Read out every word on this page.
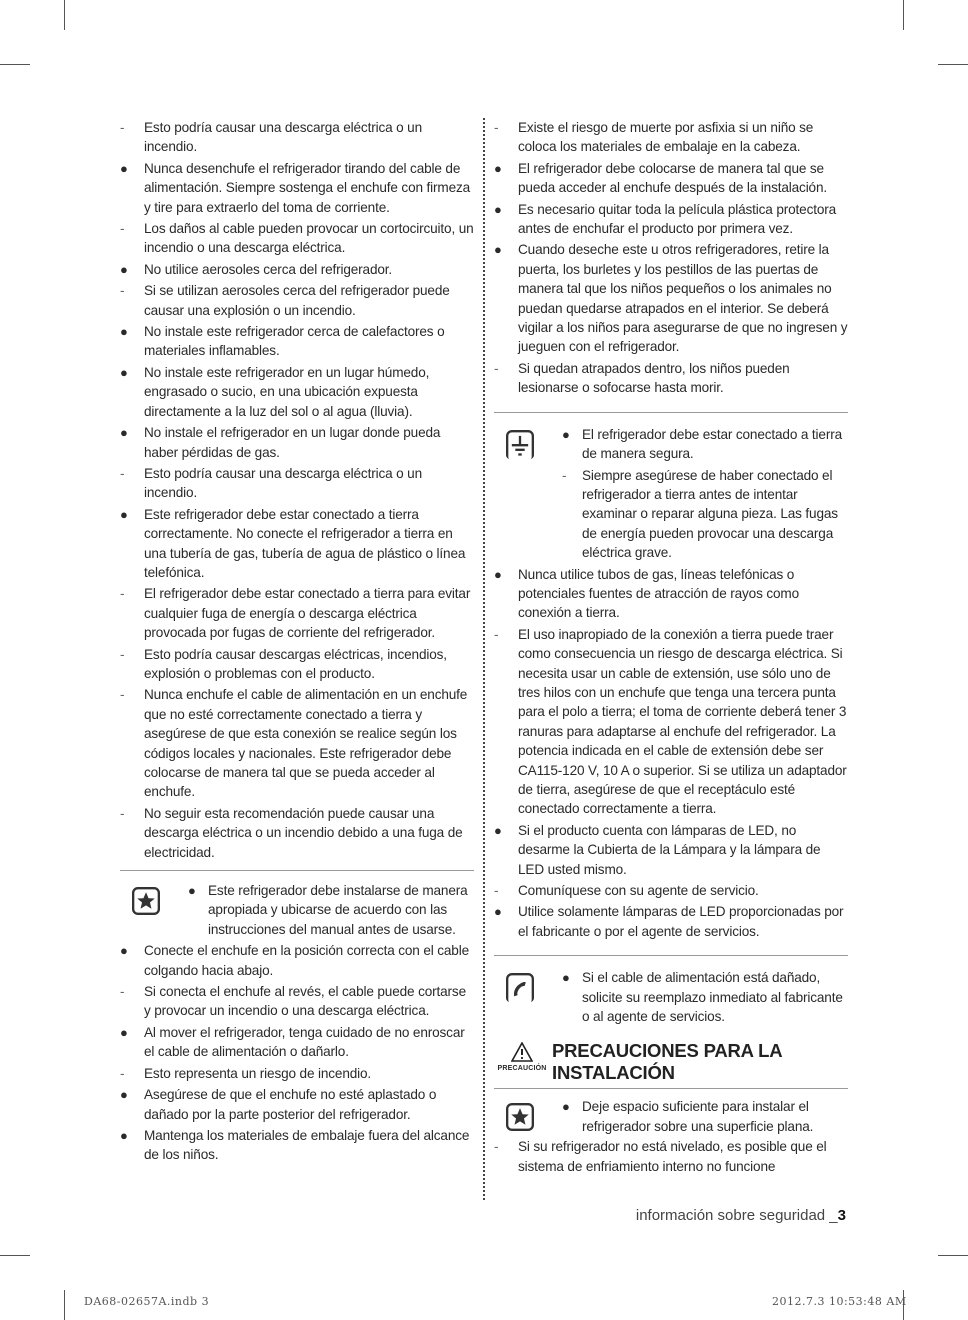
-	Esto podría causar una descarga eléctrica o un incendio.
●	Nunca desenchufe el refrigerador tirando del cable de alimentación. Siempre sostenga el enchufe con firmeza y tire para extraerlo del toma de corriente.
-	Los daños al cable pueden provocar un cortocircuito, un incendio o una descarga eléctrica.
●	No utilice aerosoles cerca del refrigerador.
-	Si se utilizan aerosoles cerca del refrigerador puede causar una explosión o un incendio.
●	No instale este refrigerador cerca de calefactores o materiales inflamables.
●	No instale este refrigerador en un lugar húmedo, engrasado o sucio, en una ubicación expuesta directamente a la luz del sol o al agua (lluvia).
●	No instale el refrigerador en un lugar donde pueda haber pérdidas de gas.
-	Esto podría causar una descarga eléctrica o un incendio.
●	Este refrigerador debe estar conectado a tierra correctamente. No conecte el refrigerador a tierra en una tubería de gas, tubería de agua de plástico o línea telefónica.
-	El refrigerador debe estar conectado a tierra para evitar cualquier fuga de energía o descarga eléctrica provocada por fugas de corriente del refrigerador.
-	Esto podría causar descargas eléctricas, incendios, explosión o problemas con el producto.
-	Nunca enchufe el cable de alimentación en un enchufe que no esté correctamente conectado a tierra y asegúrese de que esta conexión se realice según los códigos locales y nacionales. Este refrigerador debe colocarse de manera tal que se pueda acceder al enchufe.
-	No seguir esta recomendación puede causar una descarga eléctrica o un incendio debido a una fuga de electricidad.
● Este refrigerador debe instalarse de manera apropiada y ubicarse de acuerdo con las instrucciones del manual antes de usarse.
●	Conecte el enchufe en la posición correcta con el cable colgando hacia abajo.
-	Si conecta el enchufe al revés, el cable puede cortarse y provocar un incendio o una descarga eléctrica.
●	Al mover el refrigerador, tenga cuidado de no enroscar el cable de alimentación o dañarlo.
-	Esto representa un riesgo de incendio.
●	Asegúrese de que el enchufe no esté aplastado o dañado por la parte posterior del refrigerador.
●	Mantenga los materiales de embalaje fuera del alcance de los niños.
-	Existe el riesgo de muerte por asfixia si un niño se coloca los materiales de embalaje en la cabeza.
●	El refrigerador debe colocarse de manera tal que se pueda acceder al enchufe después de la instalación.
●	Es necesario quitar toda la película plástica protectora antes de enchufar el producto por primera vez.
●	Cuando deseche este u otros refrigeradores, retire la puerta, los burletes y los pestillos de las puertas de manera tal que los niños pequeños o los animales no puedan quedarse atrapados en el interior. Se deberá vigilar a los niños para asegurarse de que no ingresen y jueguen con el refrigerador.
-	Si quedan atrapados dentro, los niños pueden lesionarse o sofocarse hasta morir.
● El refrigerador debe estar conectado a tierra de manera segura.
-	Siempre asegúrese de haber conectado el refrigerador a tierra antes de intentar examinar o reparar alguna pieza. Las fugas de energía pueden provocar una descarga eléctrica grave.
●	Nunca utilice tubos de gas, líneas telefónicas o potenciales fuentes de atracción de rayos como conexión a tierra.
-	El uso inapropiado de la conexión a tierra puede traer como consecuencia un riesgo de descarga eléctrica. Si necesita usar un cable de extensión, use sólo uno de tres hilos con un enchufe que tenga una tercera punta para el polo a tierra; el toma de corriente deberá tener 3 ranuras para adaptarse al enchufe del refrigerador. La potencia indicada en el cable de extensión debe ser CA115-120 V, 10 A o superior. Si se utiliza un adaptador de tierra, asegúrese de que el receptáculo esté conectado correctamente a tierra.
●	Si el producto cuenta con lámparas de LED, no desarme la Cubierta de la Lámpara y la lámpara de LED usted mismo.
-	Comuníquese con su agente de servicio.
●	Utilice solamente lámparas de LED proporcionadas por el fabricante o por el agente de servicios.
● Si el cable de alimentación está dañado, solicite su reemplazo inmediato al fabricante o al agente de servicios.
PRECAUCIÓN
PRECAUCIONES PARA LA
INSTALACIÓN
● Deje espacio suficiente para instalar el refrigerador sobre una superficie plana.
-	Si su refrigerador no está nivelado, es posible que el sistema de enfriamiento interno no funcione
información sobre seguridad _3
DA68-02657A.indb 3	2012.7.3 10:53:48 AM
